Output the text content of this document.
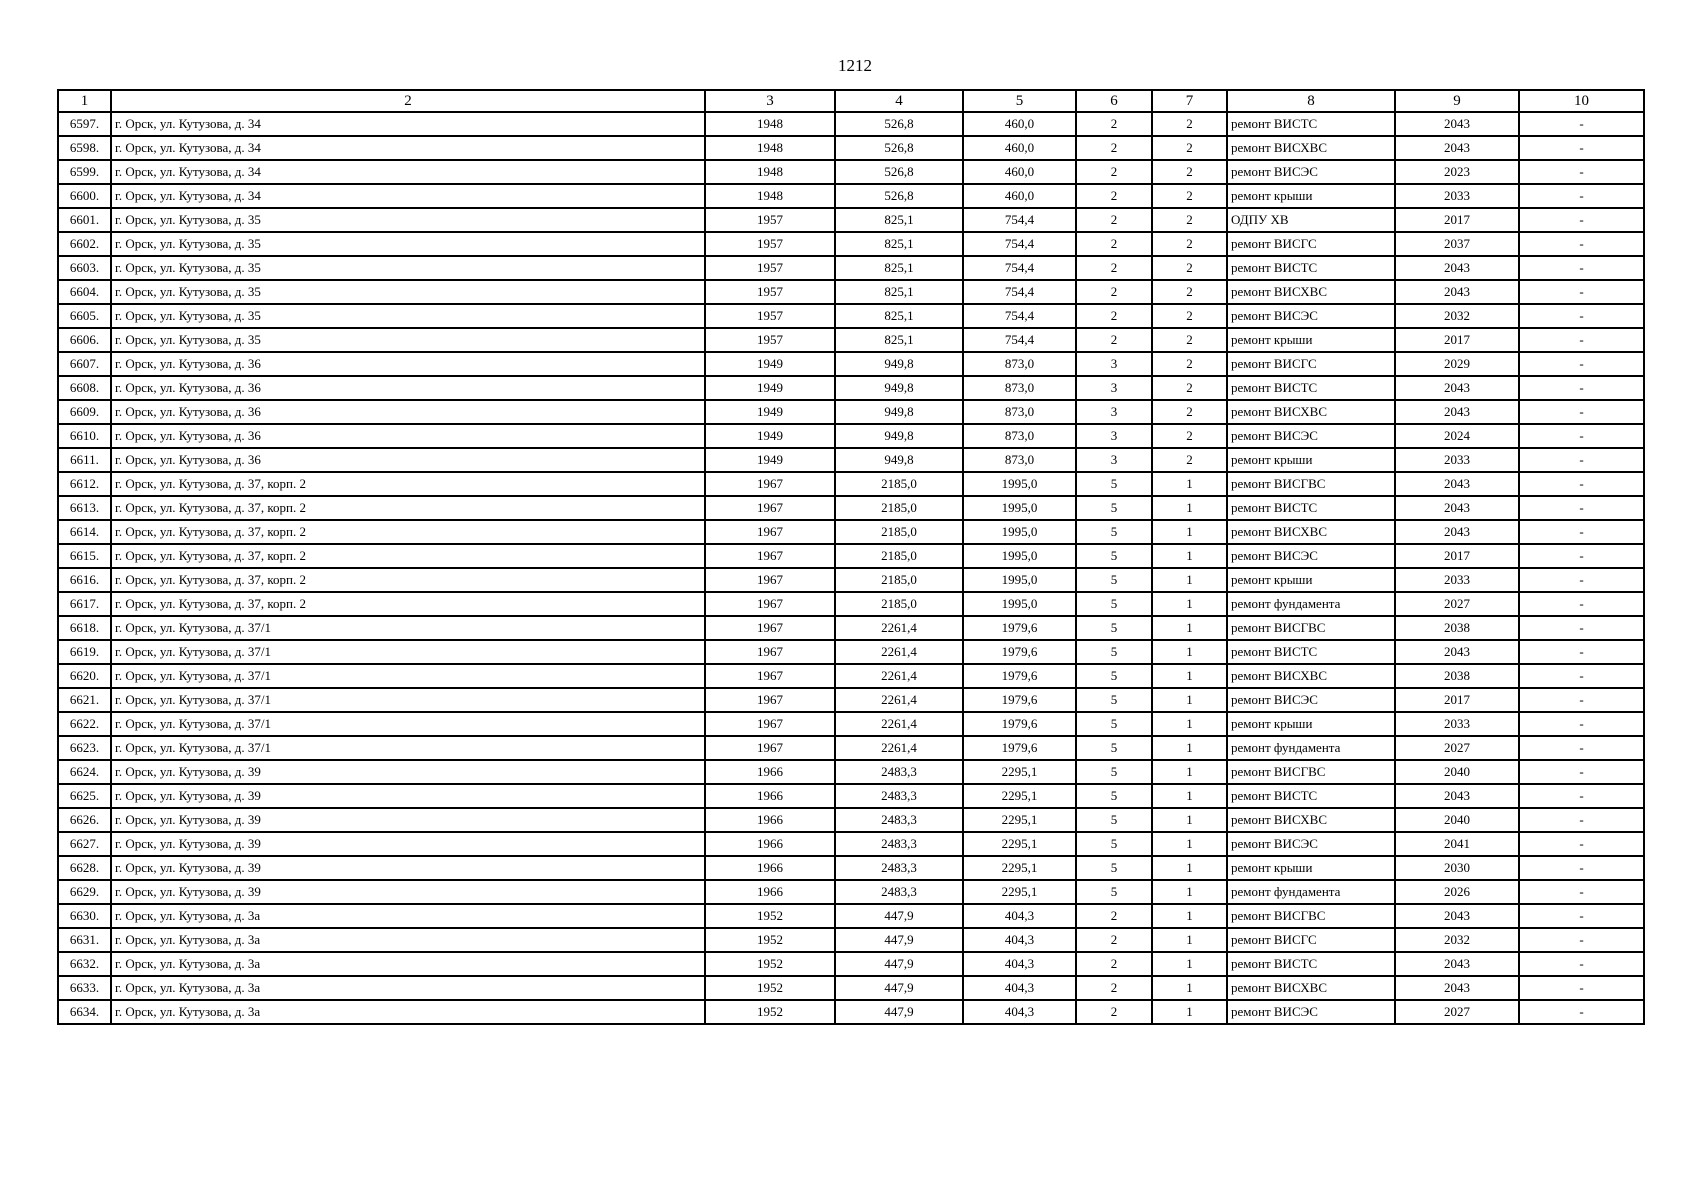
1212
1	2	3	4	5	6	7	8	9	10
6597.	г. Орск, ул. Кутузова, д. 34	1948	526,8	460,0	2	2	ремонт ВИСТС	2043	-
6598.	г. Орск, ул. Кутузова, д. 34	1948	526,8	460,0	2	2	ремонт ВИСХВС	2043	-
6599.	г. Орск, ул. Кутузова, д. 34	1948	526,8	460,0	2	2	ремонт ВИСЭС	2023	-
6600.	г. Орск, ул. Кутузова, д. 34	1948	526,8	460,0	2	2	ремонт крыши	2033	-
6601.	г. Орск, ул. Кутузова, д. 35	1957	825,1	754,4	2	2	ОДПУ ХВ	2017	-
6602.	г. Орск, ул. Кутузова, д. 35	1957	825,1	754,4	2	2	ремонт ВИСГС	2037	-
6603.	г. Орск, ул. Кутузова, д. 35	1957	825,1	754,4	2	2	ремонт ВИСТС	2043	-
6604.	г. Орск, ул. Кутузова, д. 35	1957	825,1	754,4	2	2	ремонт ВИСХВС	2043	-
6605.	г. Орск, ул. Кутузова, д. 35	1957	825,1	754,4	2	2	ремонт ВИСЭС	2032	-
6606.	г. Орск, ул. Кутузова, д. 35	1957	825,1	754,4	2	2	ремонт крыши	2017	-
6607.	г. Орск, ул. Кутузова, д. 36	1949	949,8	873,0	3	2	ремонт ВИСГС	2029	-
6608.	г. Орск, ул. Кутузова, д. 36	1949	949,8	873,0	3	2	ремонт ВИСТС	2043	-
6609.	г. Орск, ул. Кутузова, д. 36	1949	949,8	873,0	3	2	ремонт ВИСХВС	2043	-
6610.	г. Орск, ул. Кутузова, д. 36	1949	949,8	873,0	3	2	ремонт ВИСЭС	2024	-
6611.	г. Орск, ул. Кутузова, д. 36	1949	949,8	873,0	3	2	ремонт крыши	2033	-
6612.	г. Орск, ул. Кутузова, д. 37, корп. 2	1967	2185,0	1995,0	5	1	ремонт ВИСГВС	2043	-
6613.	г. Орск, ул. Кутузова, д. 37, корп. 2	1967	2185,0	1995,0	5	1	ремонт ВИСТС	2043	-
6614.	г. Орск, ул. Кутузова, д. 37, корп. 2	1967	2185,0	1995,0	5	1	ремонт ВИСХВС	2043	-
6615.	г. Орск, ул. Кутузова, д. 37, корп. 2	1967	2185,0	1995,0	5	1	ремонт ВИСЭС	2017	-
6616.	г. Орск, ул. Кутузова, д. 37, корп. 2	1967	2185,0	1995,0	5	1	ремонт крыши	2033	-
6617.	г. Орск, ул. Кутузова, д. 37, корп. 2	1967	2185,0	1995,0	5	1	ремонт фундамента	2027	-
6618.	г. Орск, ул. Кутузова, д. 37/1	1967	2261,4	1979,6	5	1	ремонт ВИСГВС	2038	-
6619.	г. Орск, ул. Кутузова, д. 37/1	1967	2261,4	1979,6	5	1	ремонт ВИСТС	2043	-
6620.	г. Орск, ул. Кутузова, д. 37/1	1967	2261,4	1979,6	5	1	ремонт ВИСХВС	2038	-
6621.	г. Орск, ул. Кутузова, д. 37/1	1967	2261,4	1979,6	5	1	ремонт ВИСЭС	2017	-
6622.	г. Орск, ул. Кутузова, д. 37/1	1967	2261,4	1979,6	5	1	ремонт крыши	2033	-
6623.	г. Орск, ул. Кутузова, д. 37/1	1967	2261,4	1979,6	5	1	ремонт фундамента	2027	-
6624.	г. Орск, ул. Кутузова, д. 39	1966	2483,3	2295,1	5	1	ремонт ВИСГВС	2040	-
6625.	г. Орск, ул. Кутузова, д. 39	1966	2483,3	2295,1	5	1	ремонт ВИСТС	2043	-
6626.	г. Орск, ул. Кутузова, д. 39	1966	2483,3	2295,1	5	1	ремонт ВИСХВС	2040	-
6627.	г. Орск, ул. Кутузова, д. 39	1966	2483,3	2295,1	5	1	ремонт ВИСЭС	2041	-
6628.	г. Орск, ул. Кутузова, д. 39	1966	2483,3	2295,1	5	1	ремонт крыши	2030	-
6629.	г. Орск, ул. Кутузова, д. 39	1966	2483,3	2295,1	5	1	ремонт фундамента	2026	-
6630.	г. Орск, ул. Кутузова, д. 3а	1952	447,9	404,3	2	1	ремонт ВИСГВС	2043	-
6631.	г. Орск, ул. Кутузова, д. 3а	1952	447,9	404,3	2	1	ремонт ВИСГС	2032	-
6632.	г. Орск, ул. Кутузова, д. 3а	1952	447,9	404,3	2	1	ремонт ВИСТС	2043	-
6633.	г. Орск, ул. Кутузова, д. 3а	1952	447,9	404,3	2	1	ремонт ВИСХВС	2043	-
6634.	г. Орск, ул. Кутузова, д. 3а	1952	447,9	404,3	2	1	ремонт ВИСЭС	2027	-
